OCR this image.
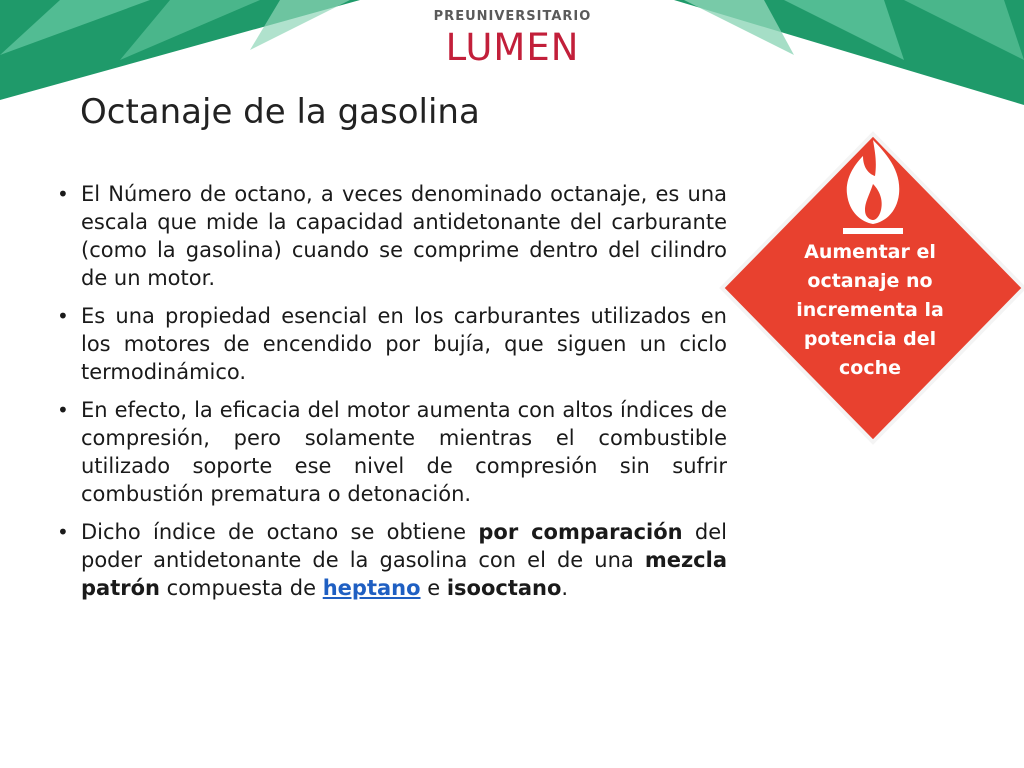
PREUNIVERSITARIO
LUMEN
Octanaje de la gasolina
• El Número de octano, a veces denominado octanaje, es una escala que mide la capacidad antidetonante del carburante (como la gasolina) cuando se comprime dentro del cilindro de un motor.
• Es una propiedad esencial en los carburantes utilizados en los motores de encendido por bujía, que siguen un ciclo termodinámico.
• En efecto, la eficacia del motor aumenta con altos índices de compresión, pero solamente mientras el combustible utilizado soporte ese nivel de compresión sin sufrir combustión prematura o detonación.
• Dicho índice de octano se obtiene por comparación del poder antidetonante de la gasolina con el de una mezcla patrón compuesta de heptano e isooctano.
Aumentar el octanaje no incrementa la potencia del coche
